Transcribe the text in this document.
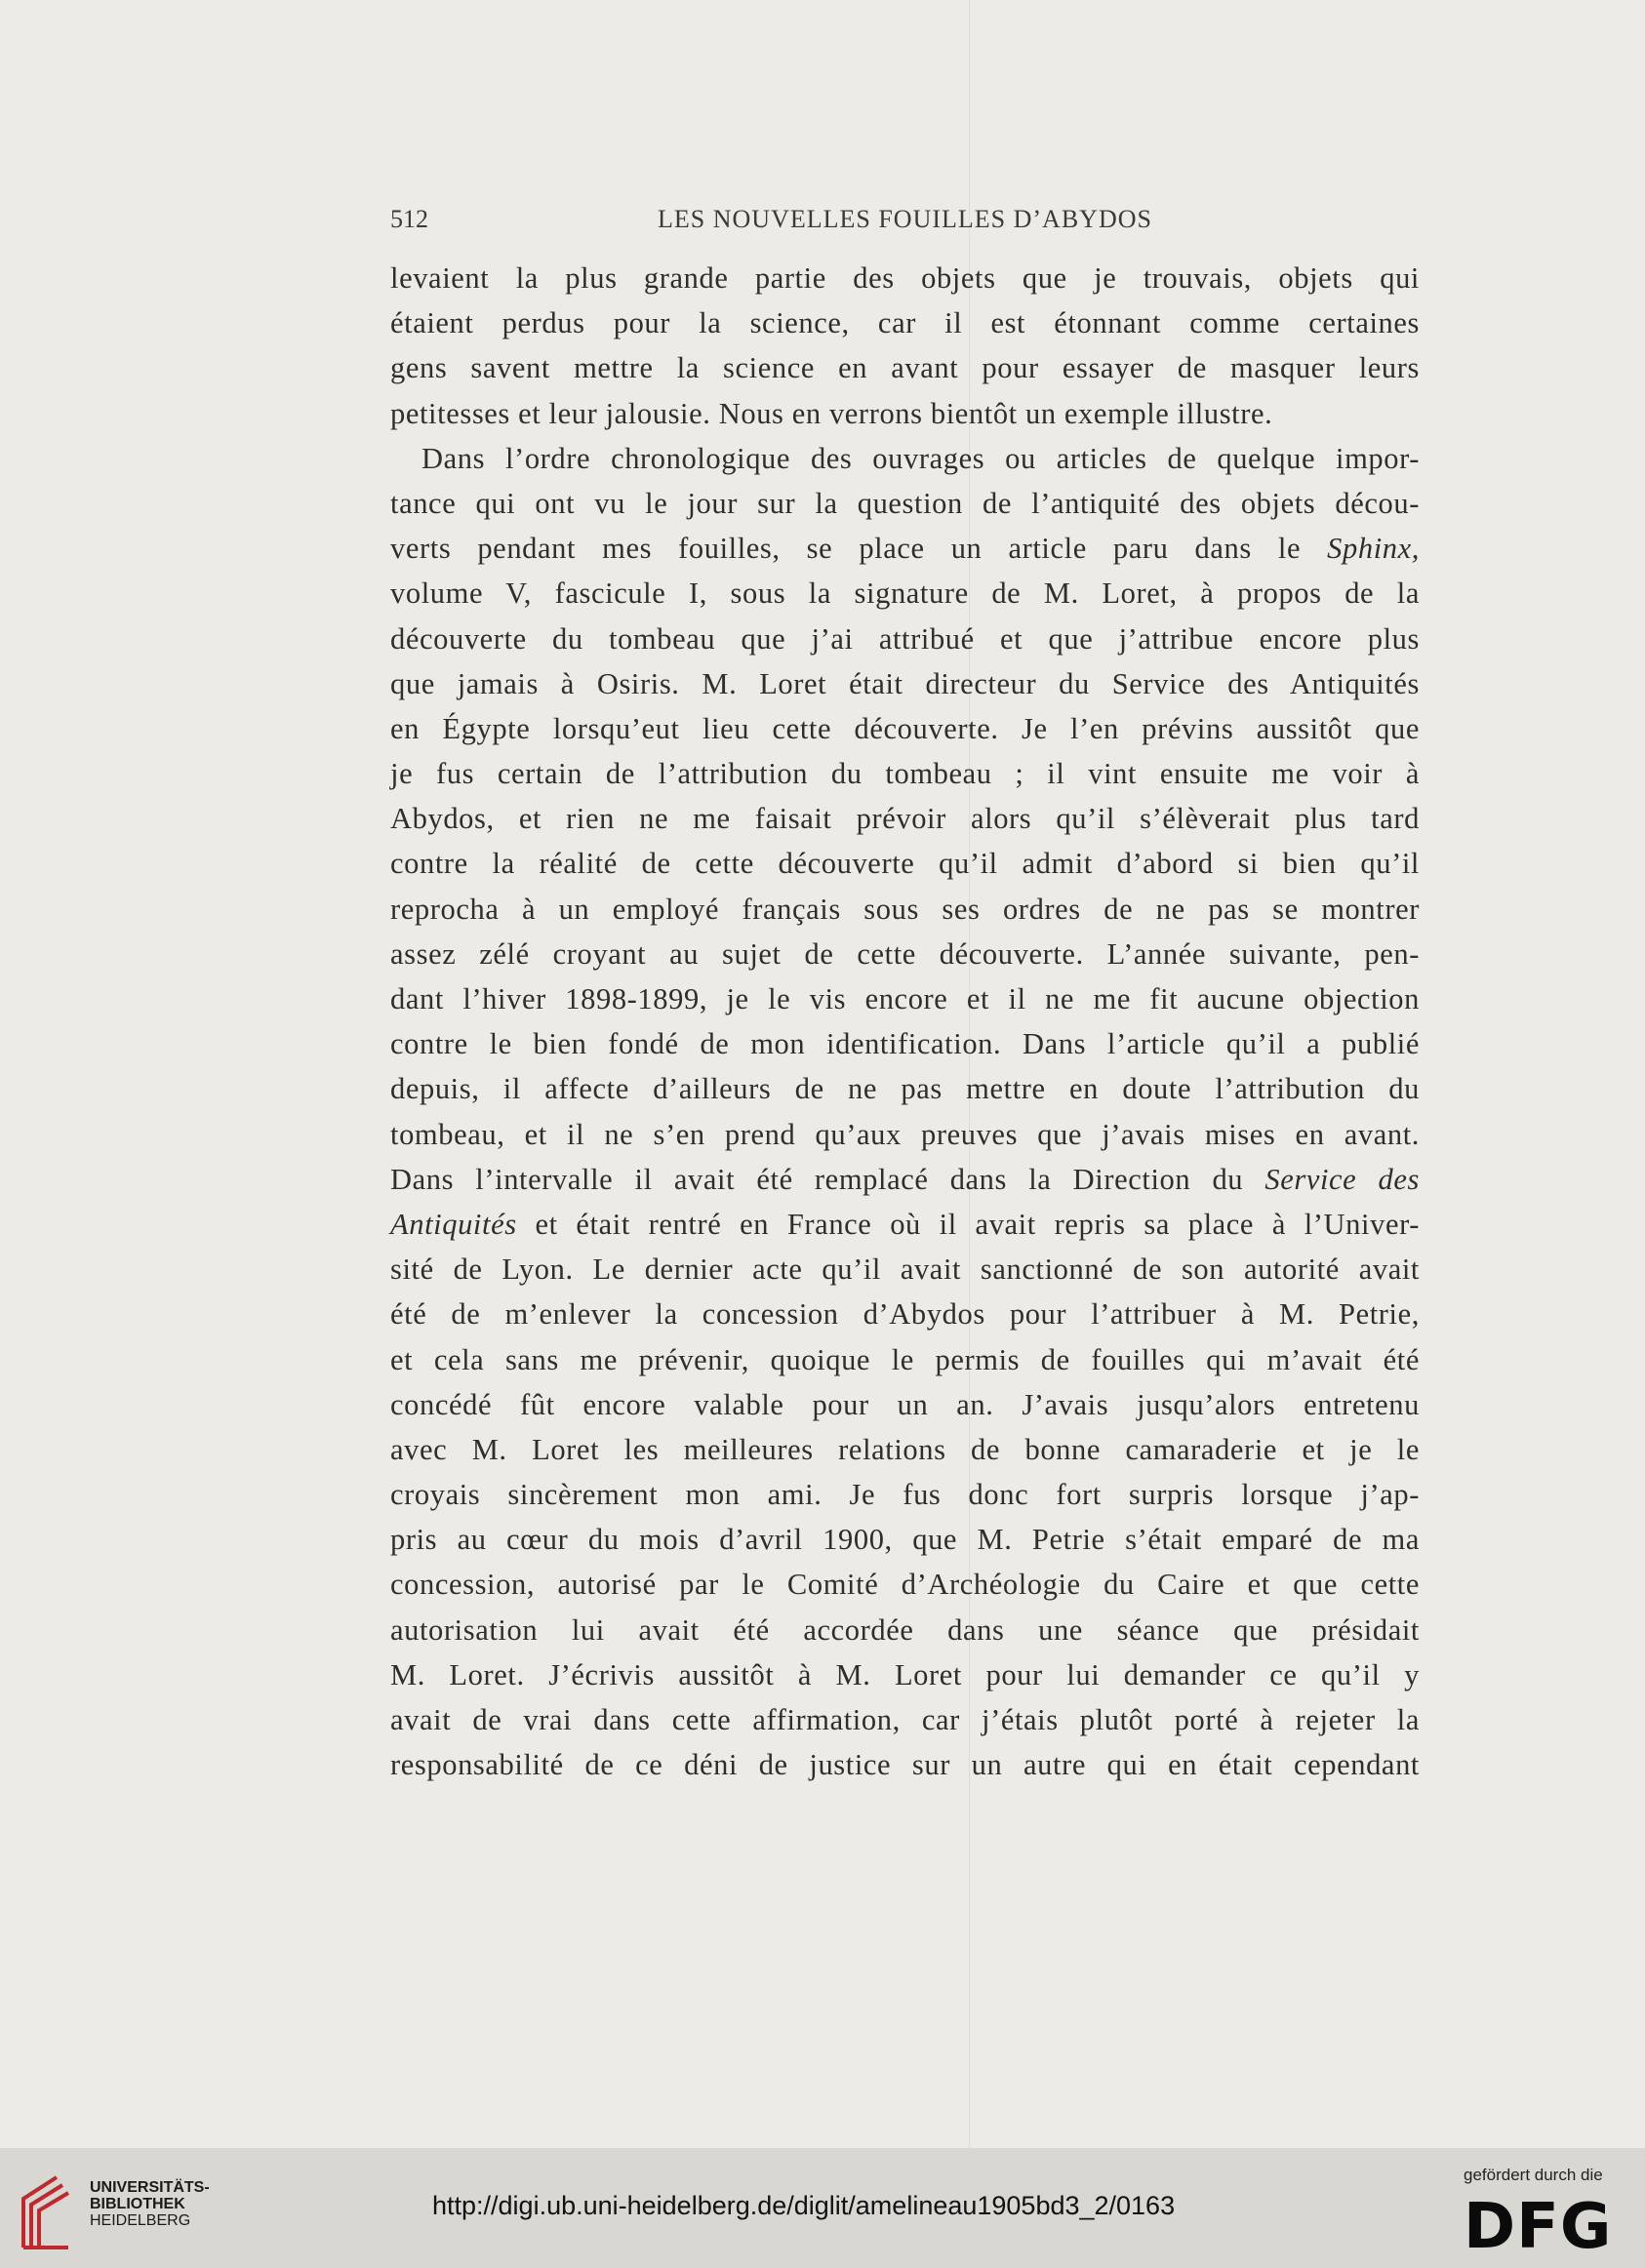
512	LES NOUVELLES FOUILLES D’ABYDOS
levaient la plus grande partie des objets que je trouvais, objets qui
étaient perdus pour la science, car il est étonnant comme certaines
gens savent mettre la science en avant pour essayer de masquer leurs
petitesses et leur jalousie. Nous en verrons bientôt un exemple illustre.
Dans l’ordre chronologique des ouvrages ou articles de quelque impor-
tance qui ont vu le jour sur la question de l’antiquité des objets décou-
verts pendant mes fouilles, se place un article paru dans le Sphinx,
volume V, fascicule I, sous la signature de M. Loret, à propos de la
découverte du tombeau que j’ai attribué et que j’attribue encore plus
que jamais à Osiris. M. Loret était directeur du Service des Antiquités
en Égypte lorsqu’eut lieu cette découverte. Je l’en prévins aussitôt que
je fus certain de l’attribution du tombeau ; il vint ensuite me voir à
Abydos, et rien ne me faisait prévoir alors qu’il s’élèverait plus tard
contre la réalité de cette découverte qu’il admit d’abord si bien qu’il
reprocha à un employé français sous ses ordres de ne pas se montrer
assez zélé croyant au sujet de cette découverte. L’année suivante, pen-
dant l’hiver 1898-1899, je le vis encore et il ne me fit aucune objection
contre le bien fondé de mon identification. Dans l’article qu’il a publié
depuis, il affecte d’ailleurs de ne pas mettre en doute l’attribution du
tombeau, et il ne s’en prend qu’aux preuves que j’avais mises en avant.
Dans l’intervalle il avait été remplacé dans la Direction du Service des
Antiquités et était rentré en France où il avait repris sa place à l’Univer-
sité de Lyon. Le dernier acte qu’il avait sanctionné de son autorité avait
été de m’enlever la concession d’Abydos pour l’attribuer à M. Petrie,
et cela sans me prévenir, quoique le permis de fouilles qui m’avait été
concédé fût encore valable pour un an. J’avais jusqu’alors entretenu
avec M. Loret les meilleures relations de bonne camaraderie et je le
croyais sincèrement mon ami. Je fus donc fort surpris lorsque j’ap-
pris au cœur du mois d’avril 1900, que M. Petrie s’était emparé de ma
concession, autorisé par le Comité d’Archéologie du Caire et que cette
autorisation lui avait été accordée dans une séance que présidait
M. Loret. J’écrivis aussitôt à M. Loret pour lui demander ce qu’il y
avait de vrai dans cette affirmation, car j’étais plutôt porté à rejeter la
responsabilité de ce déni de justice sur un autre qui en était cependant
UNIVERSITÄTS-
BIBLIOTHEK
HEIDELBERG
http://digi.ub.uni-heidelberg.de/diglit/amelineau1905bd3_2/0163
gefördert durch die
DFG
